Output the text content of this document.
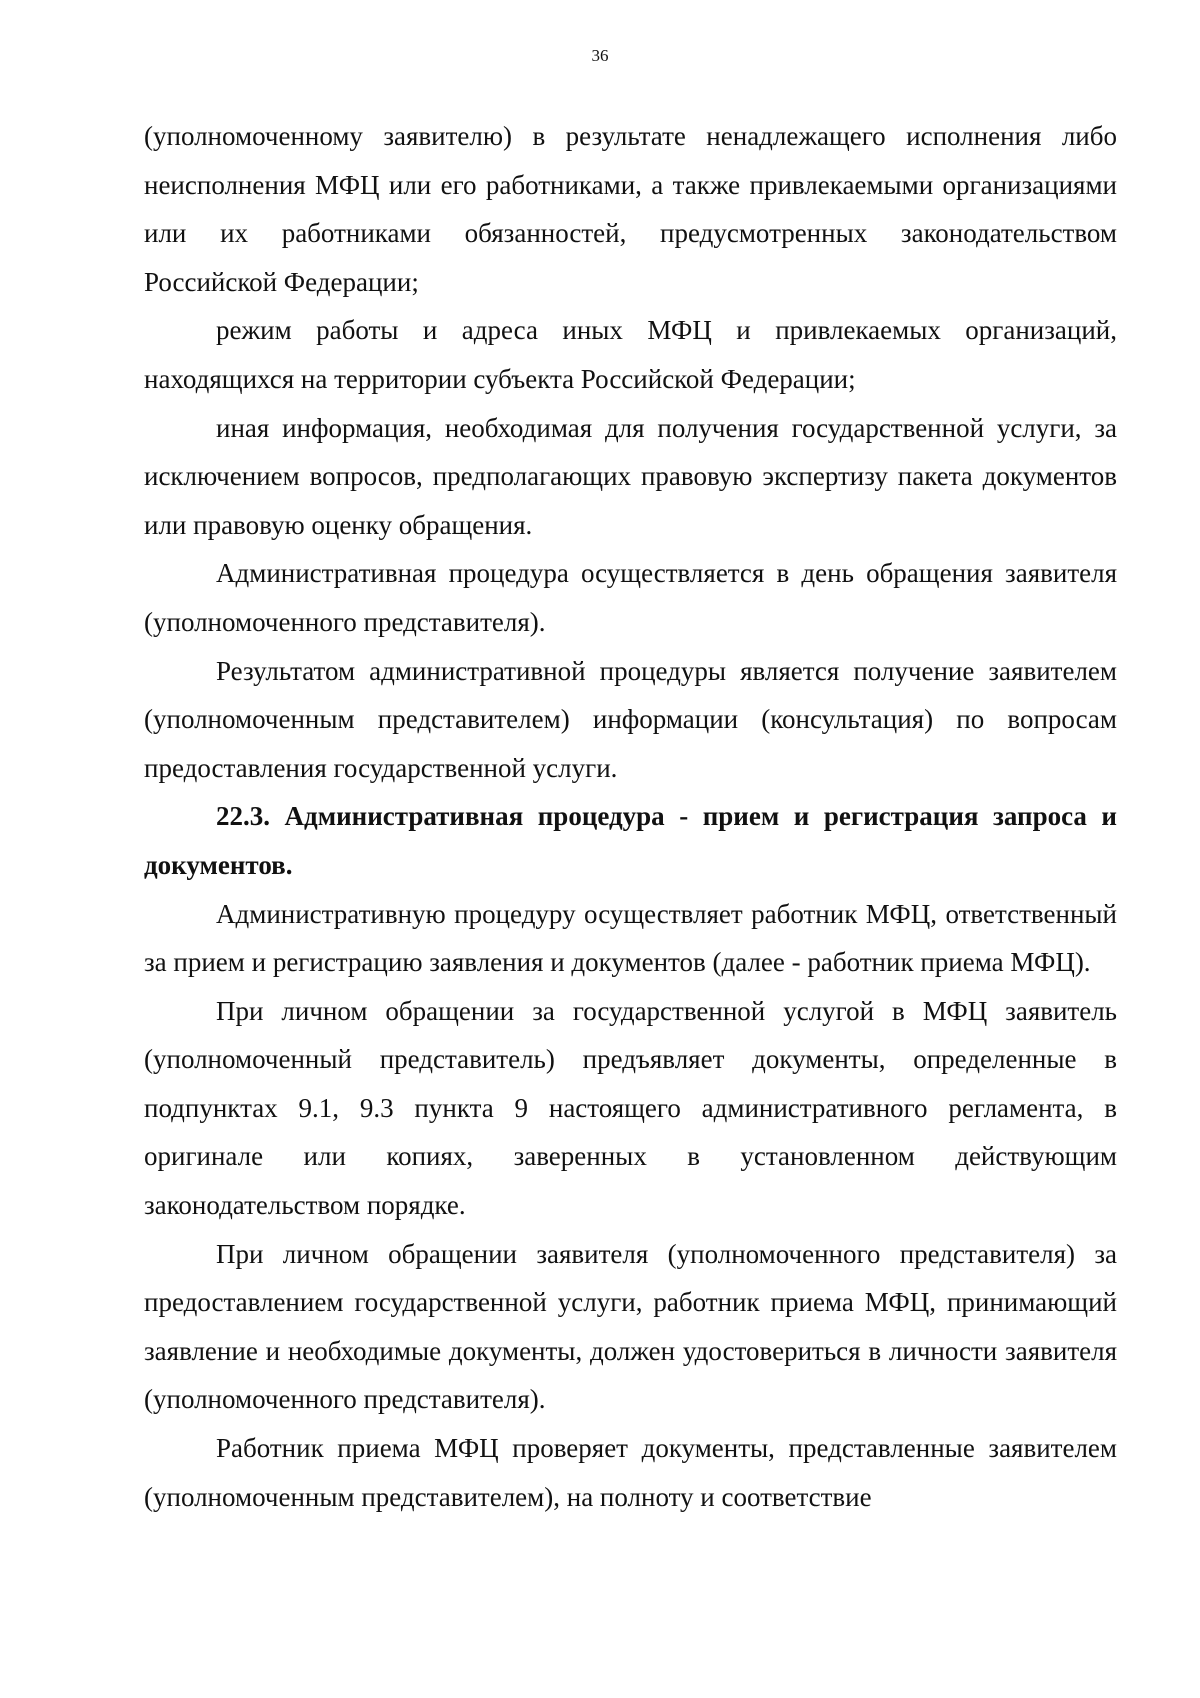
36

(уполномоченному заявителю) в результате ненадлежащего исполнения либо неисполнения МФЦ или его работниками, а также привлекаемыми организациями или их работниками обязанностей, предусмотренных законодательством Российской Федерации;

режим работы и адреса иных МФЦ и привлекаемых организаций, находящихся на территории субъекта Российской Федерации;

иная информация, необходимая для получения государственной услуги, за исключением вопросов, предполагающих правовую экспертизу пакета документов или правовую оценку обращения.

Административная процедура осуществляется в день обращения заявителя (уполномоченного представителя).

Результатом административной процедуры является получение заявителем (уполномоченным представителем) информации (консультация) по вопросам предоставления государственной услуги.

22.3. Административная процедура - прием и регистрация запроса и документов.

Административную процедуру осуществляет работник МФЦ, ответственный за прием и регистрацию заявления и документов (далее - работник приема МФЦ).

При личном обращении за государственной услугой в МФЦ заявитель (уполномоченный представитель) предъявляет документы, определенные в подпунктах 9.1, 9.3 пункта 9 настоящего административного регламента, в оригинале или копиях, заверенных в установленном действующим законодательством порядке.

При личном обращении заявителя (уполномоченного представителя) за предоставлением государственной услуги, работник приема МФЦ, принимающий заявление и необходимые документы, должен удостовериться в личности заявителя (уполномоченного представителя).

Работник приема МФЦ проверяет документы, представленные заявителем (уполномоченным представителем), на полноту и соответствие
